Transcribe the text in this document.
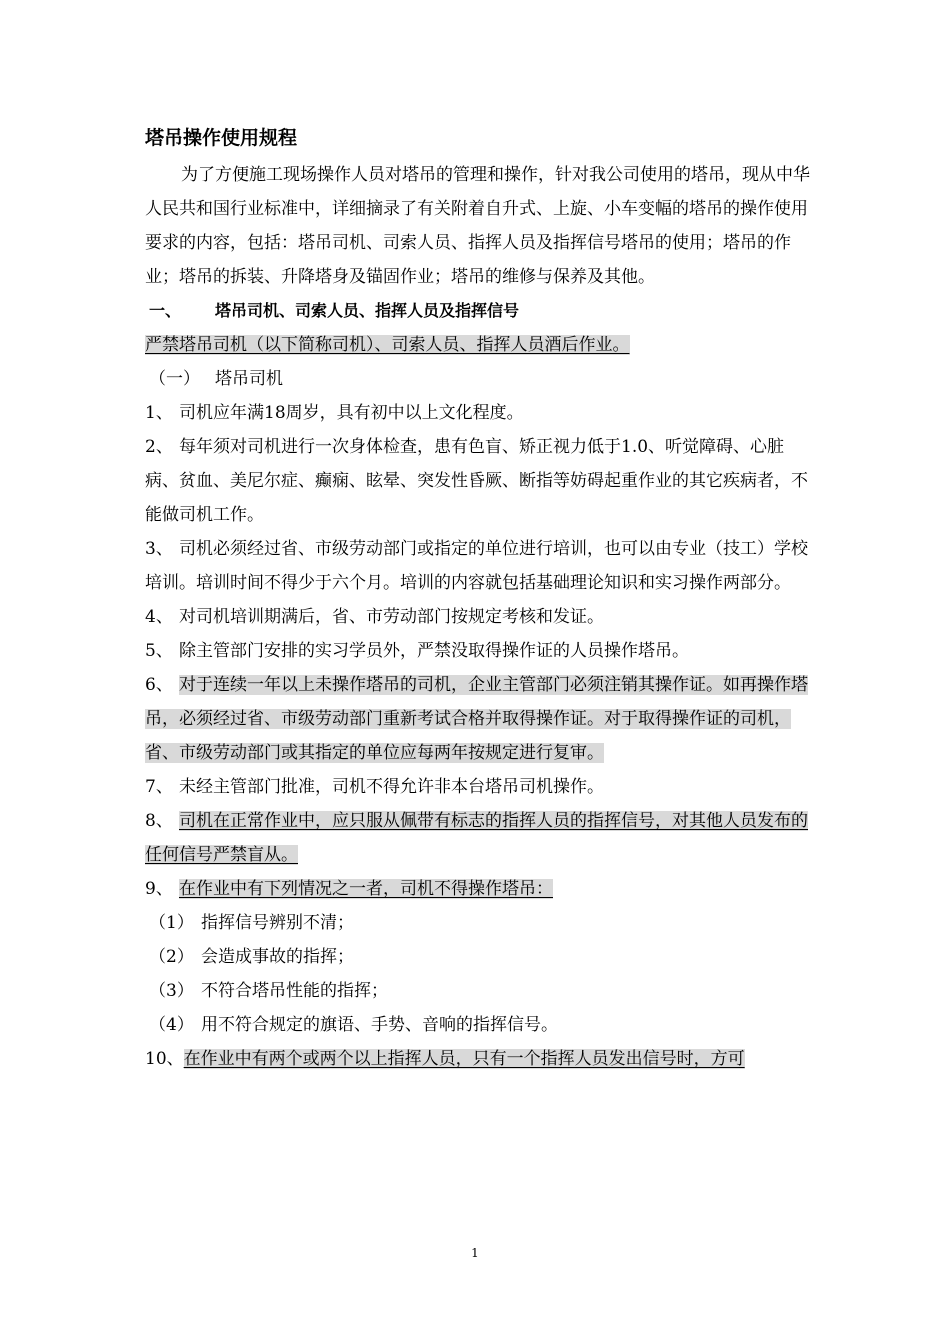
塔吊操作使用规程

为了方便施工现场操作人员对塔吊的管理和操作，针对我公司使用的塔吊，现从中华人民共和国行业标准中，详细摘录了有关附着自升式、上旋、小车变幅的塔吊的操作使用要求的内容，包括：塔吊司机、司索人员、指挥人员及指挥信号塔吊的使用；塔吊的作业；塔吊的拆装、升降塔身及锚固作业；塔吊的维修与保养及其他。

一、 塔吊司机、司索人员、指挥人员及指挥信号
严禁塔吊司机（以下简称司机）、司索人员、指挥人员酒后作业。
（一） 塔吊司机
1、 司机应年满18周岁，具有初中以上文化程度。
2、 每年须对司机进行一次身体检查，患有色盲、矫正视力低于1.0、听觉障碍、心脏病、贫血、美尼尔症、癫痫、眩晕、突发性昏厥、断指等妨碍起重作业的其它疾病者，不能做司机工作。
3、 司机必须经过省、市级劳动部门或指定的单位进行培训，也可以由专业（技工）学校培训。培训时间不得少于六个月。培训的内容就包括基础理论知识和实习操作两部分。
4、 对司机培训期满后，省、市劳动部门按规定考核和发证。
5、 除主管部门安排的实习学员外，严禁没取得操作证的人员操作塔吊。
6、 对于连续一年以上未操作塔吊的司机，企业主管部门必须注销其操作证。如再操作塔吊，必须经过省、市级劳动部门重新考试合格并取得操作证。对于取得操作证的司机，省、市级劳动部门或其指定的单位应每两年按规定进行复审。
7、 未经主管部门批准，司机不得允许非本台塔吊司机操作。
8、 司机在正常作业中，应只服从佩带有标志的指挥人员的指挥信号，对其他人员发布的任何信号严禁盲从。
9、 在作业中有下列情况之一者，司机不得操作塔吊：
（1） 指挥信号辨别不清；
（2） 会造成事故的指挥；
（3） 不符合塔吊性能的指挥；
（4） 用不符合规定的旗语、手势、音响的指挥信号。
10、在作业中有两个或两个以上指挥人员，只有一个指挥人员发出信号时，方可
1
